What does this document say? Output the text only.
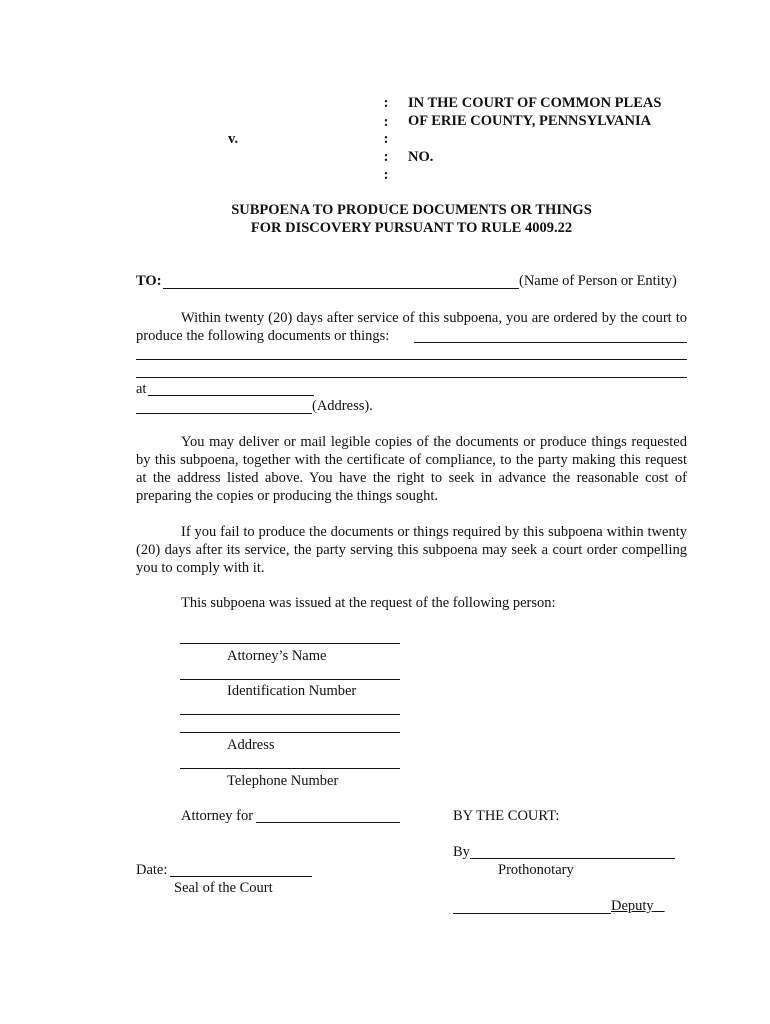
:
:
:
:
:
IN THE COURT OF COMMON PLEAS
OF ERIE COUNTY, PENNSYLVANIA
v.
NO.
SUBPOENA TO PRODUCE DOCUMENTS OR THINGS
FOR DISCOVERY PURSUANT TO RULE 4009.22
TO:	(Name of Person or Entity)
Within twenty (20) days after service of this subpoena, you are ordered by the court to produce the following documents or things:
at
(Address).
You may deliver or mail legible copies of the documents or produce things requested by this subpoena, together with the certificate of compliance, to the party making this request at the address listed above. You have the right to seek in advance the reasonable cost of preparing the copies or producing the things sought.
If you fail to produce the documents or things required by this subpoena within twenty (20) days after its service, the party serving this subpoena may seek a court order compelling you to comply with it.
This subpoena was issued at the request of the following person:
Attorney’s Name
Identification Number
Address
Telephone Number
Attorney for	BY THE COURT:
By
Prothonotary
Deputy
Date:
Seal of the Court
